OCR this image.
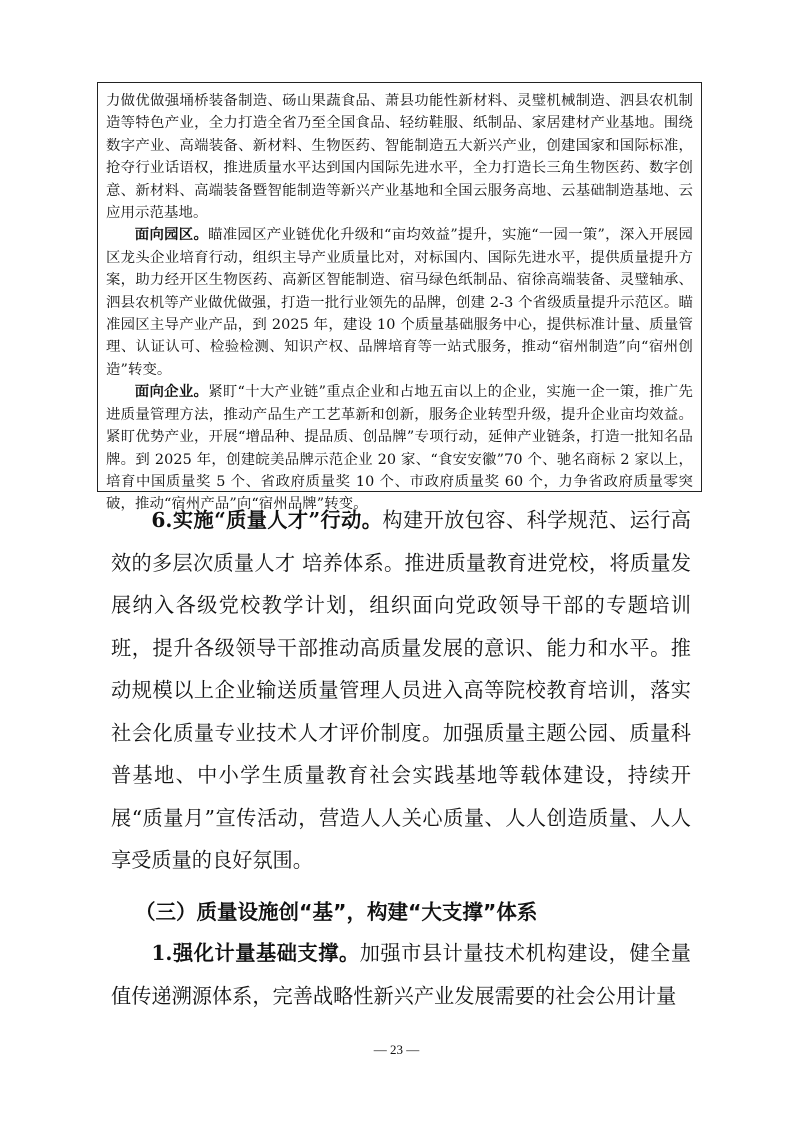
力做优做强埇桥装备制造、砀山果蔬食品、萧县功能性新材料、灵璧机械制造、泗县农机制造等特色产业，全力打造全省乃至全国食品、轻纺鞋服、纸制品、家居建材产业基地。围绕数字产业、高端装备、新材料、生物医药、智能制造五大新兴产业，创建国家和国际标准，抢夺行业话语权，推进质量水平达到国内国际先进水平，全力打造长三角生物医药、数字创意、新材料、高端装备暨智能制造等新兴产业基地和全国云服务高地、云基础制造基地、云应用示范基地。

面向园区。瞄准园区产业链优化升级和“亩均效益”提升，实施“一园一策”，深入开展园区龙头企业培育行动，组织主导产业质量比对，对标国内、国际先进水平，提供质量提升方案，助力经开区生物医药、高新区智能制造、宿马绿色纸制品、宿徐高端装备、灵璧轴承、泗县农机等产业做优做强，打造一批行业领先的品牌，创建 2-3 个省级质量提升示范区。瞄准园区主导产业产品，到 2025 年，建设 10 个质量基础服务中心，提供标准计量、质量管理、认证认可、检验检测、知识产权、品牌培育等一站式服务，推动“宿州制造”向“宿州创造”转变。

面向企业。紧盯“十大产业链”重点企业和占地五亩以上的企业，实施一企一策，推广先进质量管理方法，推动产品生产工艺革新和创新，服务企业转型升级，提升企业亩均效益。紧盯优势产业，开展“增品种、提品质、创品牌”专项行动，延伸产业链条，打造一批知名品牌。到 2025 年，创建皖美品牌示范企业 20 家、“食安安徽”70 个、驰名商标 2 家以上，培育中国质量奖 5 个、省政府质量奖 10 个、市政府质量奖 60 个，力争省政府质量零突破，推动“宿州产品”向“宿州品牌”转变。

6.实施“质量人才”行动。构建开放包容、科学规范、运行高效的多层次质量人才 培养体系。推进质量教育进党校，将质量发展纳入各级党校教学计划，组织面向党政领导干部的专题培训班，提升各级领导干部推动高质量发展的意识、能力和水平。推动规模以上企业输送质量管理人员进入高等院校教育培训，落实社会化质量专业技术人才评价制度。加强质量主题公园、质量科普基地、中小学生质量教育社会实践基地等载体建设，持续开展“质量月”宣传活动，营造人人关心质量、人人创造质量、人人享受质量的良好氛围。

（三）质量设施创“基”，构建“大支撑”体系

1.强化计量基础支撑。加强市县计量技术机构建设，健全量值传递溯源体系，完善战略性新兴产业发展需要的社会公用计量

— 23 —
